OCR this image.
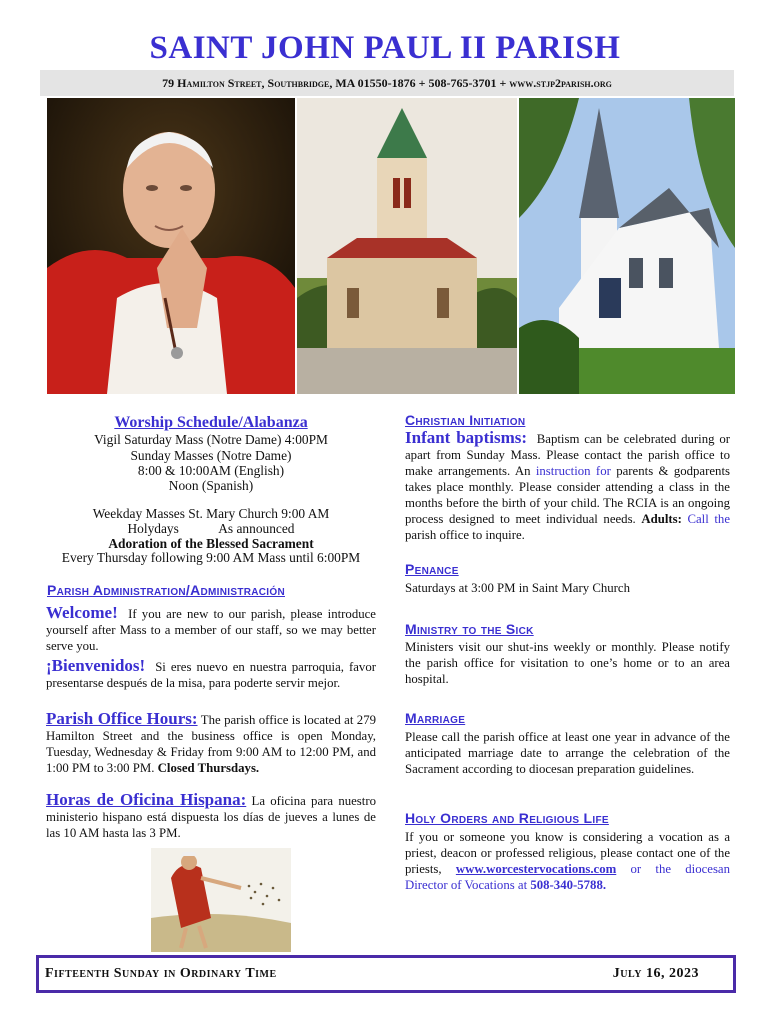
SAINT JOHN PAUL II PARISH
79 Hamilton Street, Southbridge, MA 01550-1876 + 508-765-3701 + www.stjp2parish.org
Worship Schedule/Alabanza
Vigil Saturday Mass (Notre Dame) 4:00PM
Sunday Masses (Notre Dame)
8:00 & 10:00AM (English)
Noon (Spanish)
Weekday Masses St. Mary Church 9:00 AM
Holydays            As announced
Adoration of the Blessed Sacrament
Every Thursday following 9:00 AM Mass until 6:00PM
Parish Administration/Administración
Welcome! If you are new to our parish, please introduce yourself after Mass to a member of our staff, so we may better serve you.
¡Bienvenidos! Si eres nuevo en nuestra parroquia, favor presentarse después de la misa, para poderte servir mejor.
Parish Office Hours: The parish office is located at 279 Hamilton Street and the business office is open Monday, Tuesday, Wednesday & Friday from 9:00 AM to 12:00 PM, and 1:00 PM to 3:00 PM. Closed Thursdays.
Horas de Oficina Hispana: La oficina para nuestro ministerio hispano está dispuesta los días de jueves a lunes de las 10 AM hasta las 3 PM.
Christian Initiation
Infant baptisms: Baptism can be celebrated during or apart from Sunday Mass. Please contact the parish office to make arrangements. An instruction for parents & godparents takes place monthly. Please consider attending a class in the months before the birth of your child. The RCIA is an ongoing process designed to meet individual needs. Adults: Call the parish office to inquire.
Penance
Saturdays at 3:00 PM in Saint Mary Church
Ministry to the Sick
Ministers visit our shut-ins weekly or monthly. Please notify the parish office for visitation to one’s home or to an area hospital.
Marriage
Please call the parish office at least one year in advance of the anticipated marriage date to arrange the celebration of the Sacrament according to diocesan preparation guidelines.
Holy Orders and Religious Life
If you or someone you know is considering a vocation as a priest, deacon or professed religious, please contact one of the priests, www.worcestervocations.com or the diocesan Director of Vocations at 508-340-5788.
Fifteenth Sunday in Ordinary Time	July 16, 2023
